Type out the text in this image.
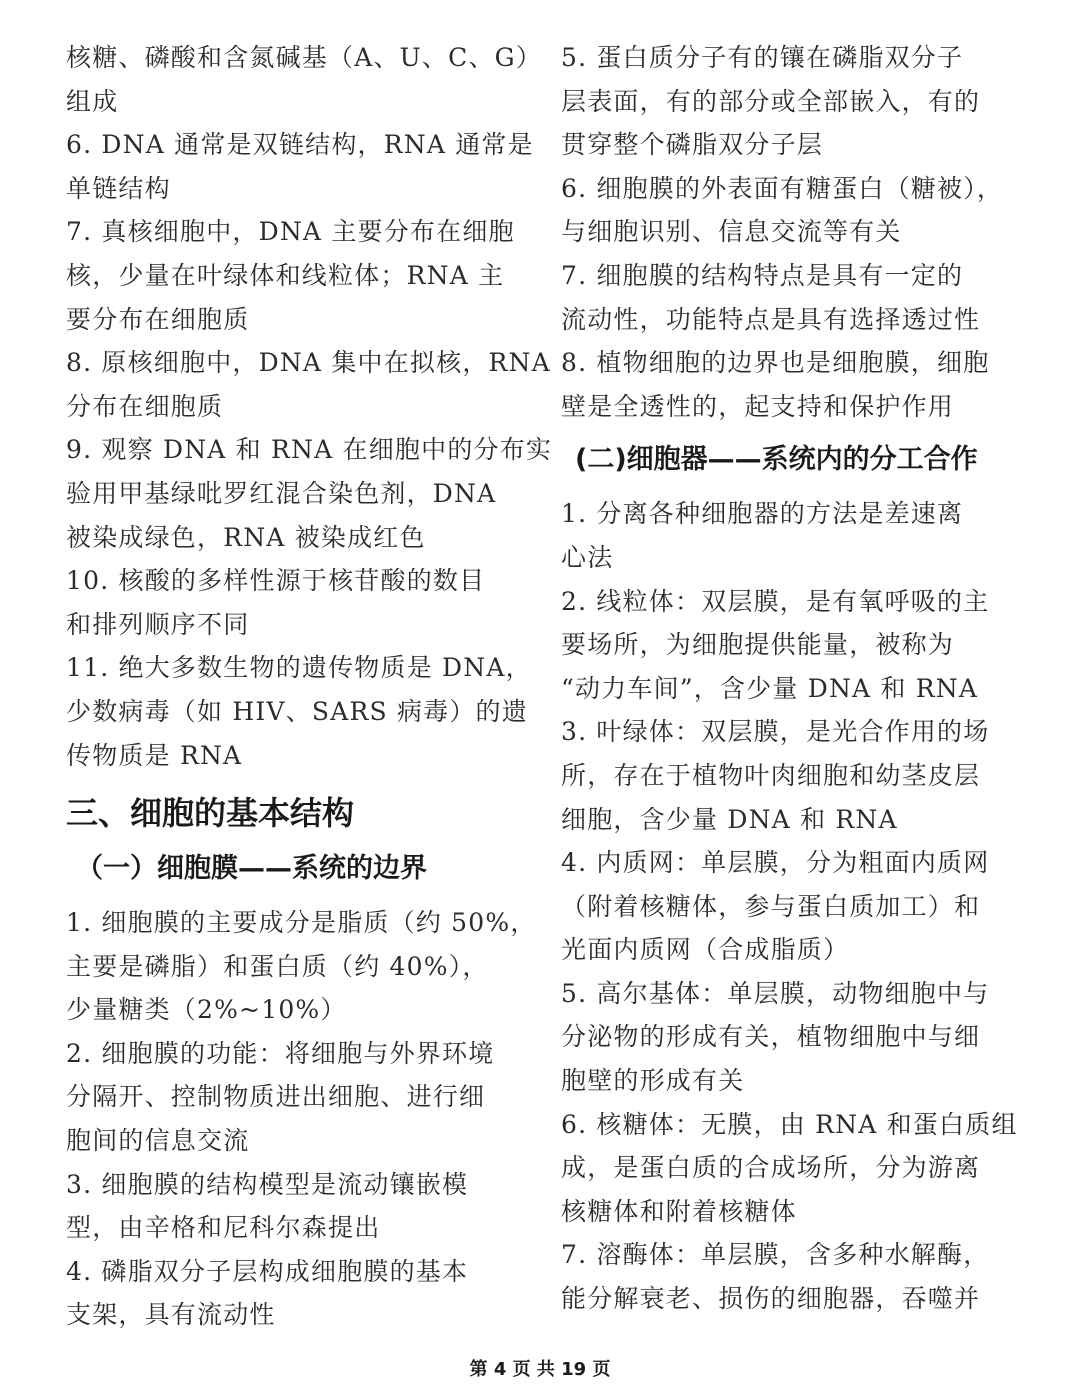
核糖、磷酸和含氮碱基（A、U、C、G）
组成

6. DNA 通常是双链结构，RNA 通常是
单链结构

7. 真核细胞中，DNA 主要分布在细胞
核，少量在叶绿体和线粒体；RNA 主
要分布在细胞质

8. 原核细胞中，DNA 集中在拟核，RNA
分布在细胞质

9. 观察 DNA 和 RNA 在细胞中的分布实
验用甲基绿吡罗红混合染色剂，DNA
被染成绿色，RNA 被染成红色

10. 核酸的多样性源于核苷酸的数目
和排列顺序不同

11. 绝大多数生物的遗传物质是 DNA，
少数病毒（如 HIV、SARS 病毒）的遗
传物质是 RNA

三、细胞的基本结构
（一）细胞膜——系统的边界

1. 细胞膜的主要成分是脂质（约 50%，
主要是磷脂）和蛋白质（约 40%），
少量糖类（2%~10%）

2. 细胞膜的功能：将细胞与外界环境
分隔开、控制物质进出细胞、进行细
胞间的信息交流

3. 细胞膜的结构模型是流动镶嵌模
型，由辛格和尼科尔森提出

4. 磷脂双分子层构成细胞膜的基本
支架，具有流动性

5. 蛋白质分子有的镶在磷脂双分子
层表面，有的部分或全部嵌入，有的
贯穿整个磷脂双分子层

6. 细胞膜的外表面有糖蛋白（糖被），
与细胞识别、信息交流等有关

7. 细胞膜的结构特点是具有一定的
流动性，功能特点是具有选择透过性

8. 植物细胞的边界也是细胞膜，细胞
壁是全透性的，起支持和保护作用

(二)细胞器——系统内的分工合作

1. 分离各种细胞器的方法是差速离
心法

2. 线粒体：双层膜，是有氧呼吸的主
要场所，为细胞提供能量，被称为
“动力车间”，含少量 DNA 和 RNA

3. 叶绿体：双层膜，是光合作用的场
所，存在于植物叶肉细胞和幼茎皮层
细胞，含少量 DNA 和 RNA

4. 内质网：单层膜，分为粗面内质网
（附着核糖体，参与蛋白质加工）和
光面内质网（合成脂质）

5. 高尔基体：单层膜，动物细胞中与
分泌物的形成有关，植物细胞中与细
胞壁的形成有关

6. 核糖体：无膜，由 RNA 和蛋白质组
成，是蛋白质的合成场所，分为游离
核糖体和附着核糖体

7. 溶酶体：单层膜，含多种水解酶，
能分解衰老、损伤的细胞器，吞噬并

第 4 页 共 19 页
